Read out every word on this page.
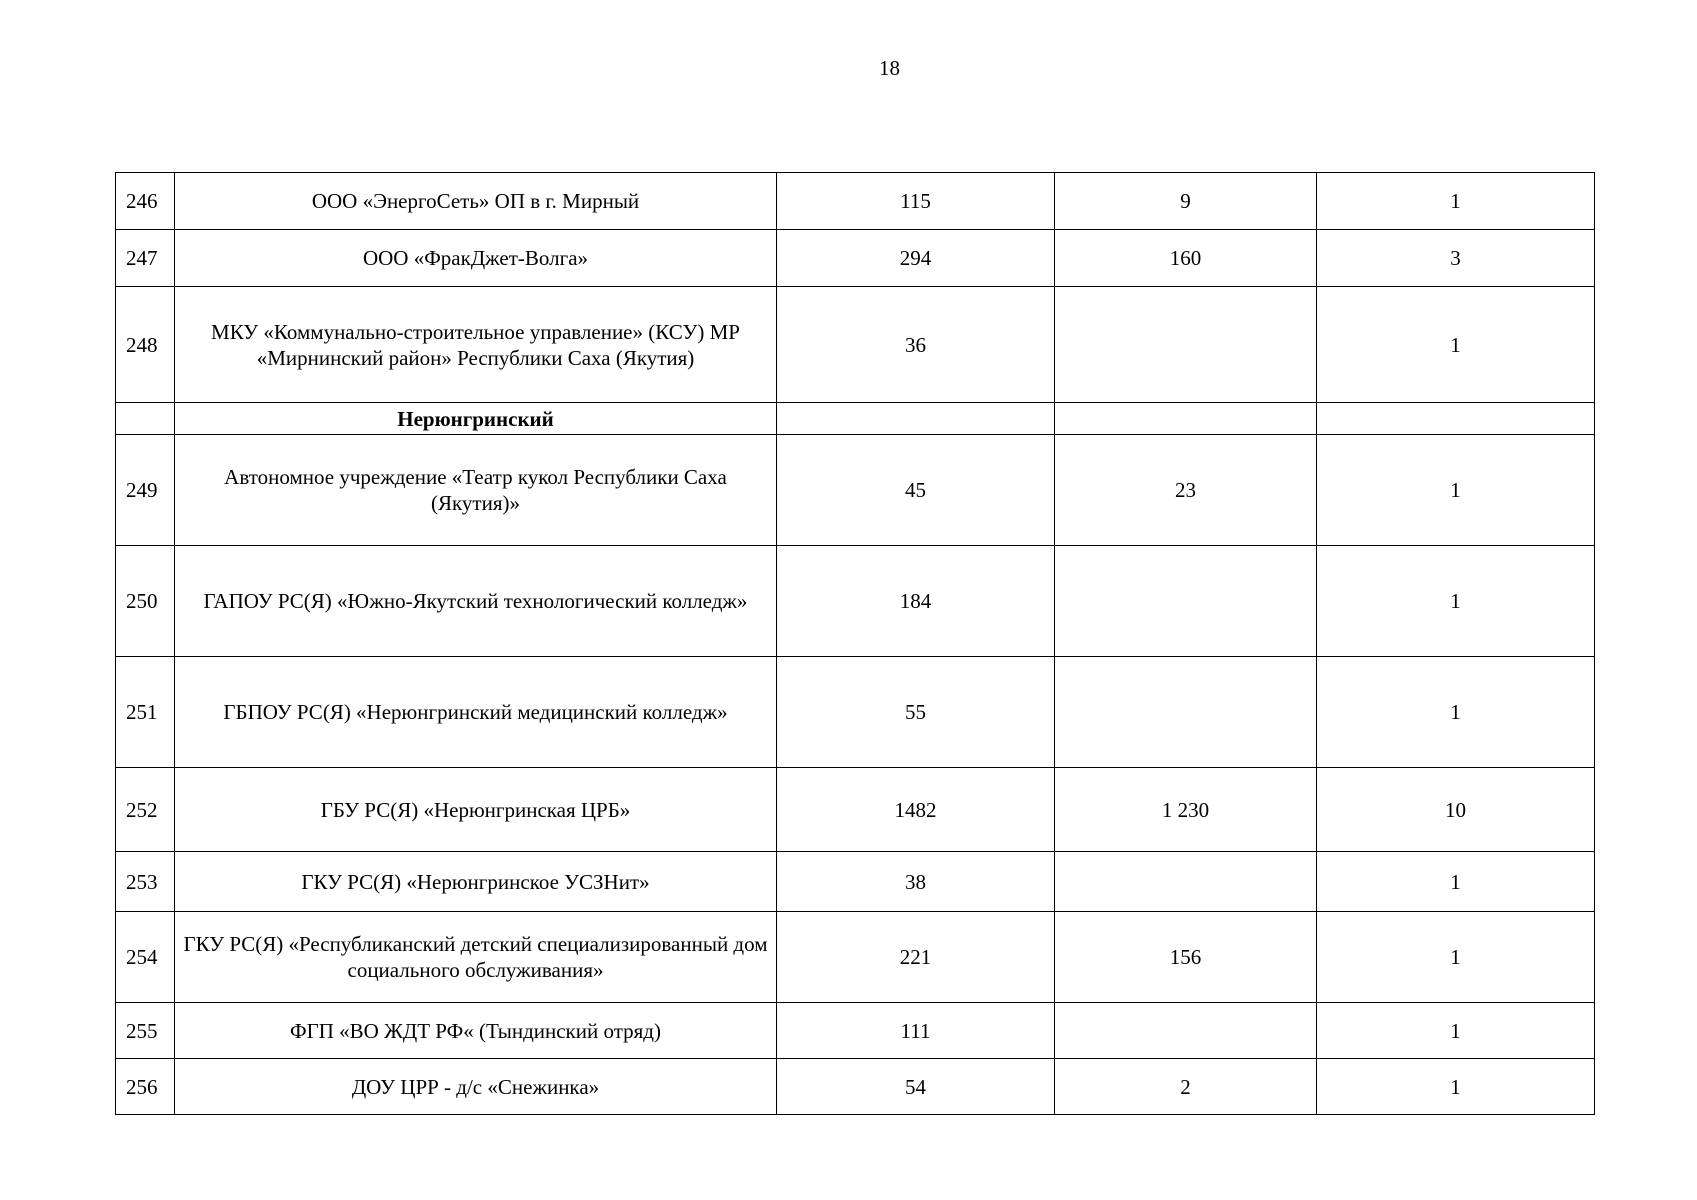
18
246	ООО «ЭнергоСеть» ОП в г. Мирный	115	9	1
247	ООО «ФракДжет-Волга»	294	160	3
248	МКУ «Коммунально-строительное управление» (КСУ) МР «Мирнинский район» Республики Саха (Якутия)	36		1
	Нерюнгринский			
249	Автономное учреждение «Театр кукол Республики Саха (Якутия)»	45	23	1
250	ГАПОУ РС(Я) «Южно-Якутский технологический колледж»	184		1
251	ГБПОУ РС(Я) «Нерюнгринский медицинский колледж»	55		1
252	ГБУ РС(Я) «Нерюнгринская ЦРБ»	1482	1 230	10
253	ГКУ РС(Я) «Нерюнгринское УСЗНит»	38		1
254	ГКУ РС(Я) «Республиканский детский специализированный дом социального обслуживания»	221	156	1
255	ФГП «ВО ЖДТ РФ« (Тындинский отряд)	111		1
256	ДОУ ЦРР - д/с «Снежинка»	54	2	1
